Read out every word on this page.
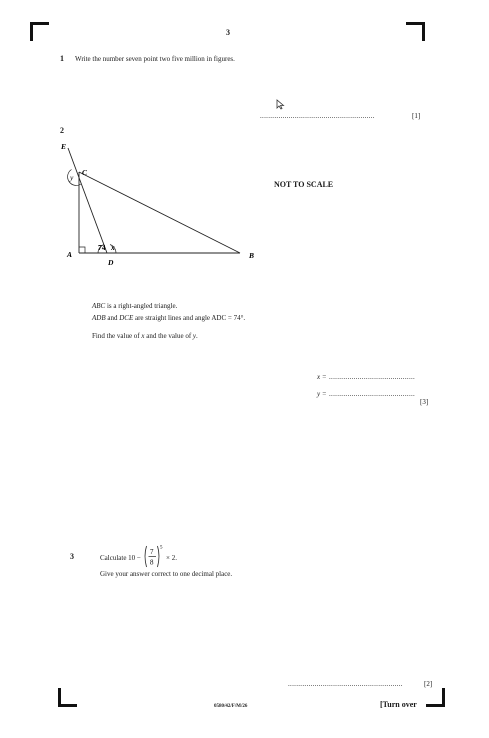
3
1 Write the number seven point two five million in figures.
........................................................	[1]
2
E
C
y
A
D
B
74 x
NOT TO SCALE
ABC is a right-angled triangle.
ADB and DCE are straight lines and angle ADC = 74°.
Find the value of x and the value of y.
x = ..........................................
y = ..........................................
[3]
3	Calculate 10 −
7
8
5
× 2.
Give your answer correct to one decimal place.
........................................................	[2]
0580/42/F/M/26	[Turn over
